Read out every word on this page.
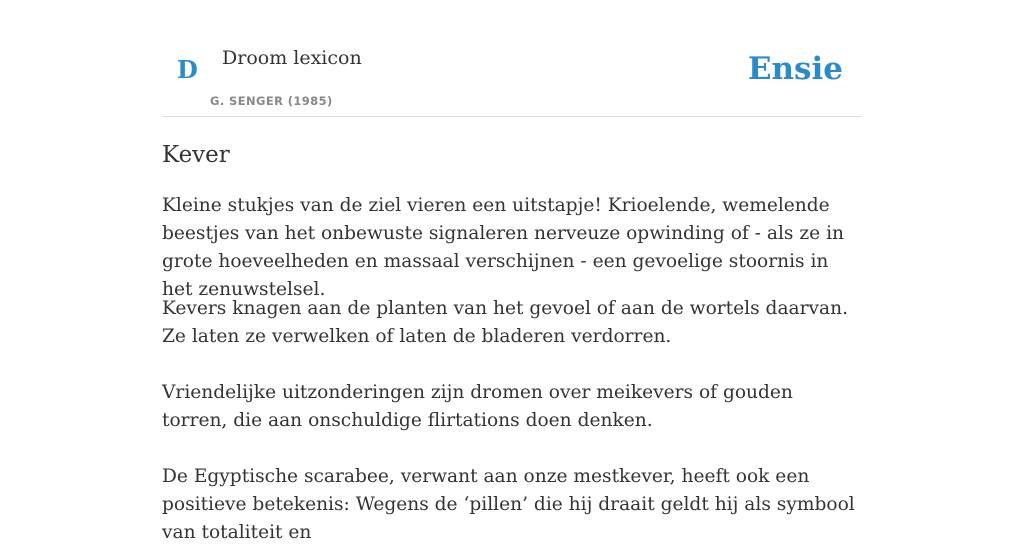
D Droom lexicon
G. SENGER (1985)
Ensie
Kever

Kleine stukjes van de ziel vieren een uitstapje! Krioelende, wemelende beestjes van het onbewuste signaleren nerveuze opwinding of - als ze in grote hoeveelheden en massaal verschijnen - een gevoelige stoornis in het zenuwstelsel.

Kevers knagen aan de planten van het gevoel of aan de wortels daarvan. Ze laten ze verwelken of laten de bladeren verdorren.

Vriendelijke uitzonderingen zijn dromen over meikevers of gouden torren, die aan onschuldige flirtations doen denken.

De Egyptische scarabee, verwant aan onze mestkever, heeft ook een positieve betekenis: Wegens de ‘pillen’ die hij draait geldt hij als symbool van totaliteit en
